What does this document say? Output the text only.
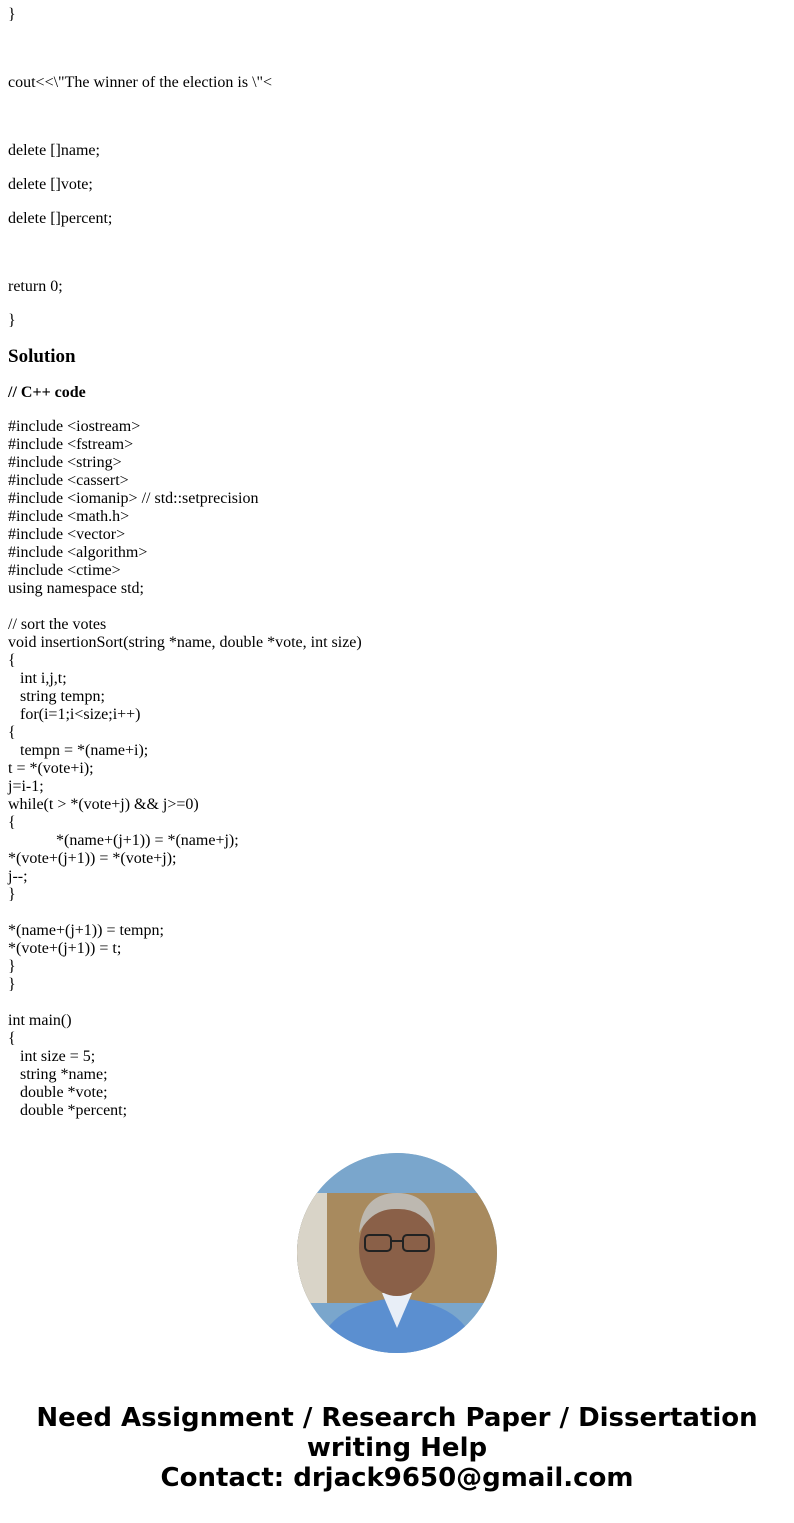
}

cout<<\"The winner of the election is \"<

delete []name;

delete []vote;

delete []percent;

return 0;

}

Solution

// C++ code

#include <iostream>
#include <fstream>
#include <string>
#include <cassert>
#include <iomanip> // std::setprecision
#include <math.h>
#include <vector>
#include <algorithm>
#include <ctime>
using namespace std;
// sort the votes
void insertionSort(string *name, double *vote, int size)
{
int i,j,t;
string tempn;
for(i=1;i<size;i++)
{
tempn = *(name+i);
t = *(vote+i);
j=i-1;
while(t > *(vote+j) && j>=0)
{
*(name+(j+1)) = *(name+j);
*(vote+(j+1)) = *(vote+j);
j--;
}
*(name+(j+1)) = tempn;
*(vote+(j+1)) = t;
}
}
int main()
{
int size = 5;
string *name;
double *vote;
double *percent;
Need Assignment / Research Paper / Dissertation
writing Help
Contact: drjack9650@gmail.com
